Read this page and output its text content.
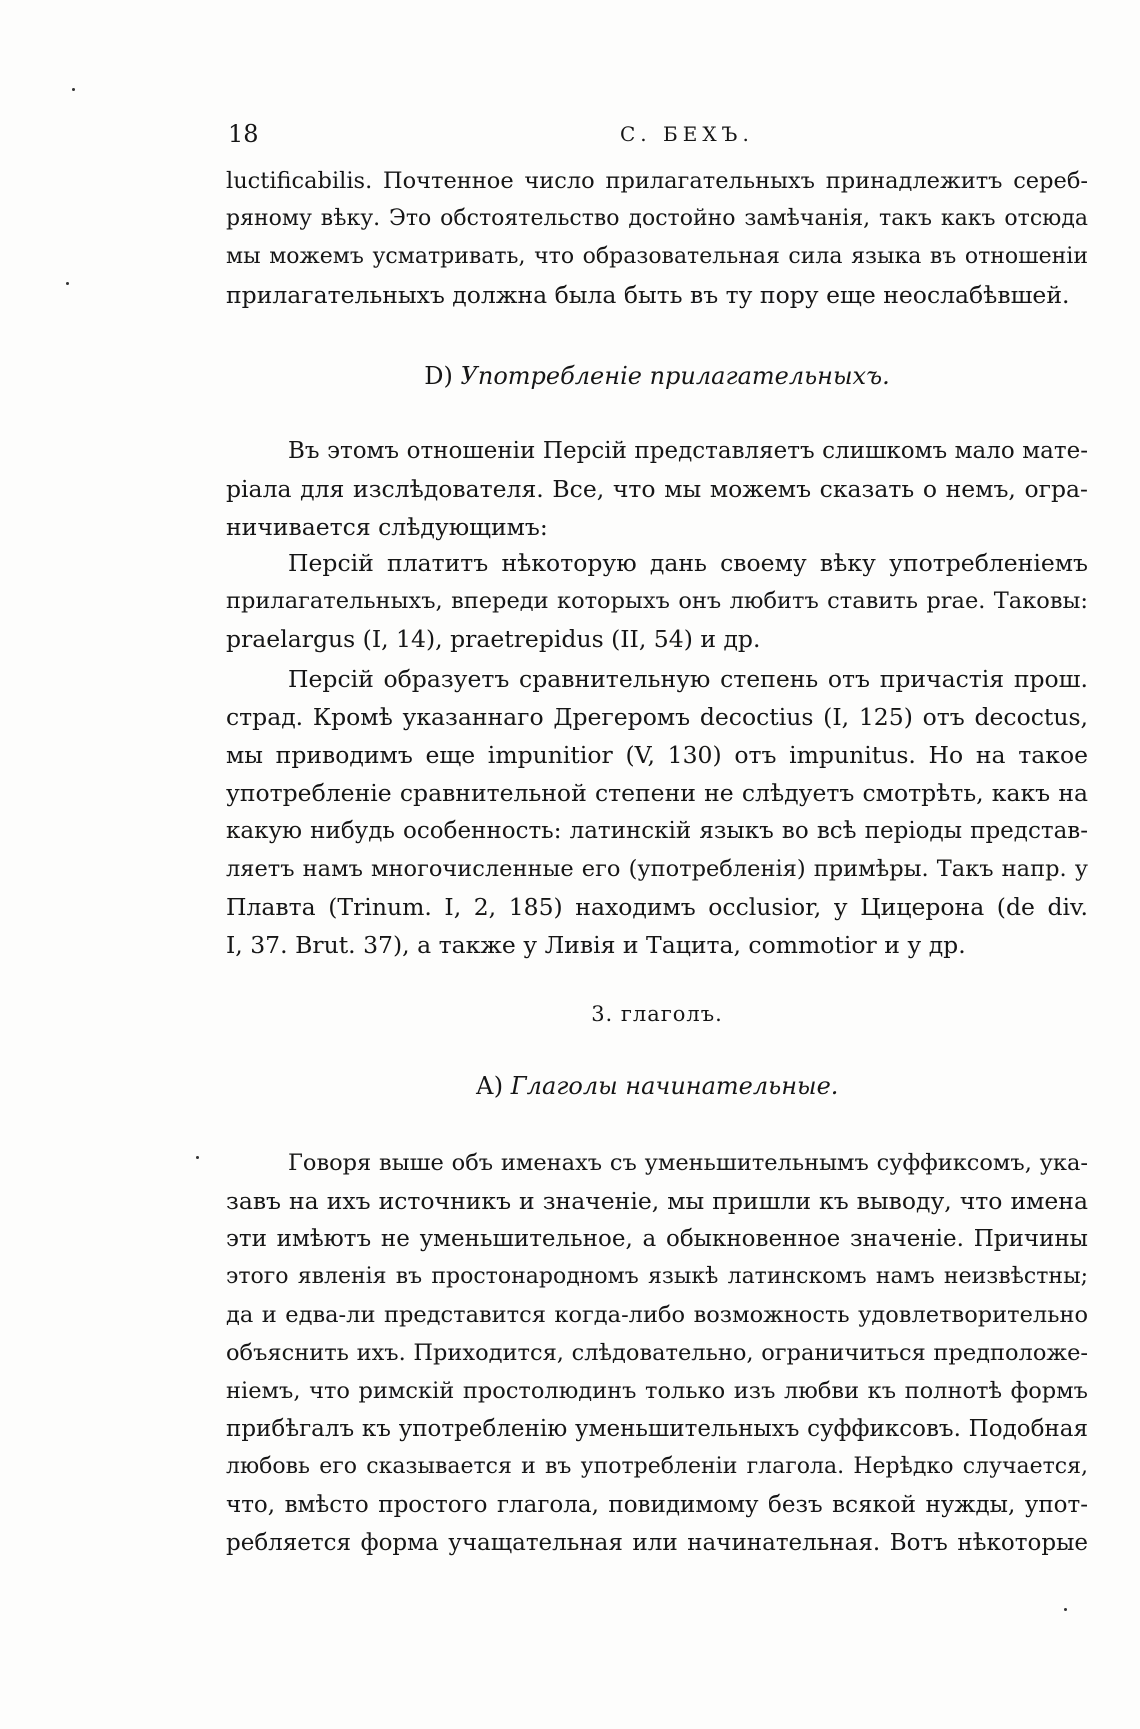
18	С. БЕХЪ.
luctificabilis. Почтенное число прилагательныхъ принадлежитъ сереб-
ряному вѣку. Это обстоятельство достойно замѣчанія, такъ какъ отсюда
мы можемъ усматривать, что образовательная сила языка въ отношеніи
прилагательныхъ должна была быть въ ту пору еще неослабѣвшей.
D) Употребленіе прилагательныхъ.
Въ этомъ отношеніи Персій представляетъ слишкомъ мало мате-
ріала для изслѣдователя. Все, что мы можемъ сказать о немъ, огра-
ничивается слѣдующимъ:
Персій платитъ нѣкоторую дань своему вѣку употребленіемъ
прилагательныхъ, впереди которыхъ онъ любитъ ставить prae. Таковы:
praelargus (I, 14), praetrepidus (II, 54) и др.
Персій образуетъ сравнительную степень отъ причастія прош.
страд. Кромѣ указаннаго Дрегеромъ decoctius (I, 125) отъ decoctus,
мы приводимъ еще impunitior (V, 130) отъ impunitus. Но на такое
употребленіе сравнительной степени не слѣдуетъ смотрѣть, какъ на
какую нибудь особенность: латинскій языкъ во всѣ періоды представ-
ляетъ намъ многочисленные его (употребленія) примѣры. Такъ напр. у
Плавта (Trinum. I, 2, 185) находимъ occlusior, у Цицерона (de div.
I, 37. Brut. 37), а также у Ливія и Тацита, commotior и у др.
3. глаголъ.
А) Глаголы начинательные.
Говоря выше объ именахъ съ уменьшительнымъ суффиксомъ, ука-
завъ на ихъ источникъ и значеніе, мы пришли къ выводу, что имена
эти имѣютъ не уменьшительное, а обыкновенное значеніе. Причины
этого явленія въ простонародномъ языкѣ латинскомъ намъ неизвѣстны;
да и едва-ли представится когда-либо возможность удовлетворительно
объяснить ихъ. Приходится, слѣдовательно, ограничиться предположе-
ніемъ, что римскій простолюдинъ только изъ любви къ полнотѣ формъ
прибѣгалъ къ употребленію уменьшительныхъ суффиксовъ. Подобная
любовь его сказывается и въ употребленіи глагола. Нерѣдко случается,
что, вмѣсто простого глагола, повидимому безъ всякой нужды, упот-
ребляется форма учащательная или начинательная. Вотъ нѣкоторые
